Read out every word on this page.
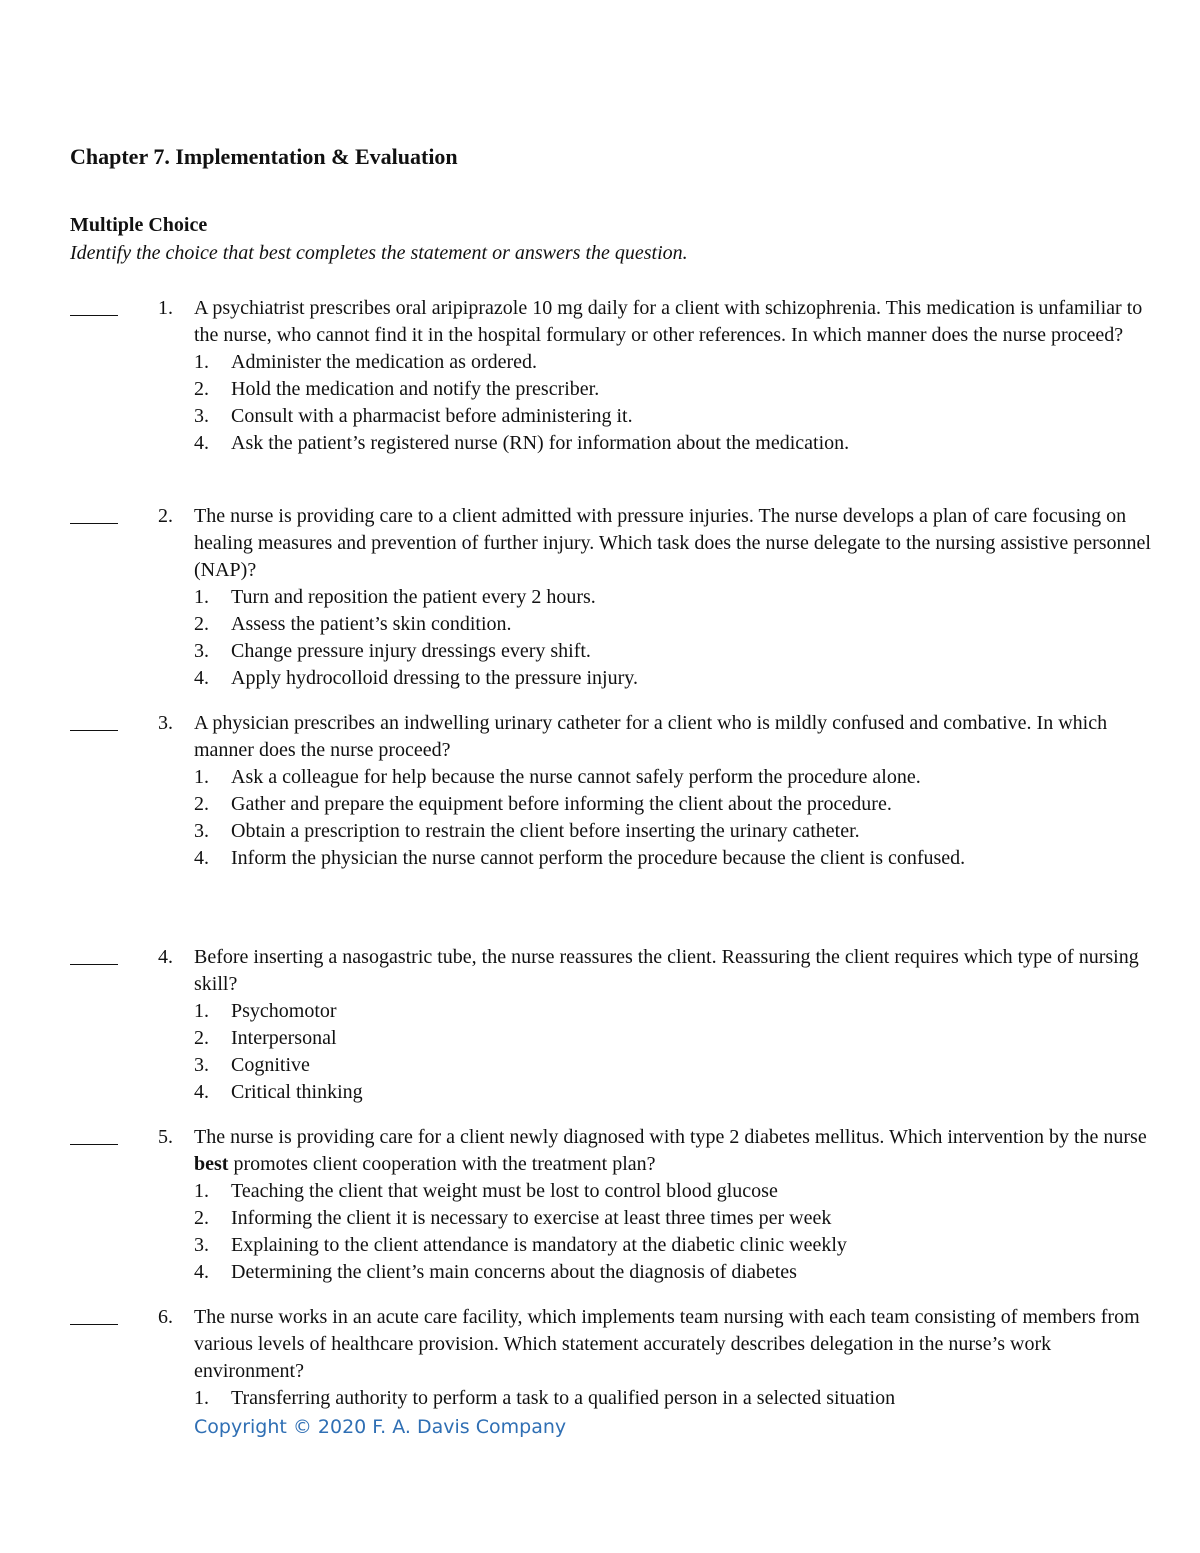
Chapter 7. Implementation & Evaluation
Multiple Choice

Identify the choice that best completes the statement or answers the question.

1.	A psychiatrist prescribes oral aripiprazole 10 mg daily for a client with schizophrenia. This medication is unfamiliar to the nurse, who cannot find it in the hospital formulary or other references. In which manner does the nurse proceed?

1. Administer the medication as ordered.
2. Hold the medication and notify the prescriber.
3. Consult with a pharmacist before administering it.
4. Ask the patient’s registered nurse (RN) for information about the medication.
2.	The nurse is providing care to a client admitted with pressure injuries. The nurse develops a plan of care focusing on healing measures and prevention of further injury. Which task does the nurse delegate to the nursing assistive personnel (NAP)?

1. Turn and reposition the patient every 2 hours.
2. Assess the patient’s skin condition.
3. Change pressure injury dressings every shift.
4. Apply hydrocolloid dressing to the pressure injury.
3.	A physician prescribes an indwelling urinary catheter for a client who is mildly confused and combative. In which manner does the nurse proceed?

1. Ask a colleague for help because the nurse cannot safely perform the procedure alone.
2. Gather and prepare the equipment before informing the client about the procedure.
3. Obtain a prescription to restrain the client before inserting the urinary catheter.
4. Inform the physician the nurse cannot perform the procedure because the client is confused.
4.	Before inserting a nasogastric tube, the nurse reassures the client. Reassuring the client requires which type of nursing skill?

1. Psychomotor
2. Interpersonal
3. Cognitive
4. Critical thinking
5.	The nurse is providing care for a client newly diagnosed with type 2 diabetes mellitus. Which intervention by the nurse best promotes client cooperation with the treatment plan?

1. Teaching the client that weight must be lost to control blood glucose
2. Informing the client it is necessary to exercise at least three times per week
3. Explaining to the client attendance is mandatory at the diabetic clinic weekly
4. Determining the client’s main concerns about the diagnosis of diabetes
6.	The nurse works in an acute care facility, which implements team nursing with each team consisting of members from various levels of healthcare provision. Which statement accurately describes delegation in the nurse’s work environment?

1. Transferring authority to perform a task to a qualified person in a selected situation

Copyright © 2020 F. A. Davis Company
